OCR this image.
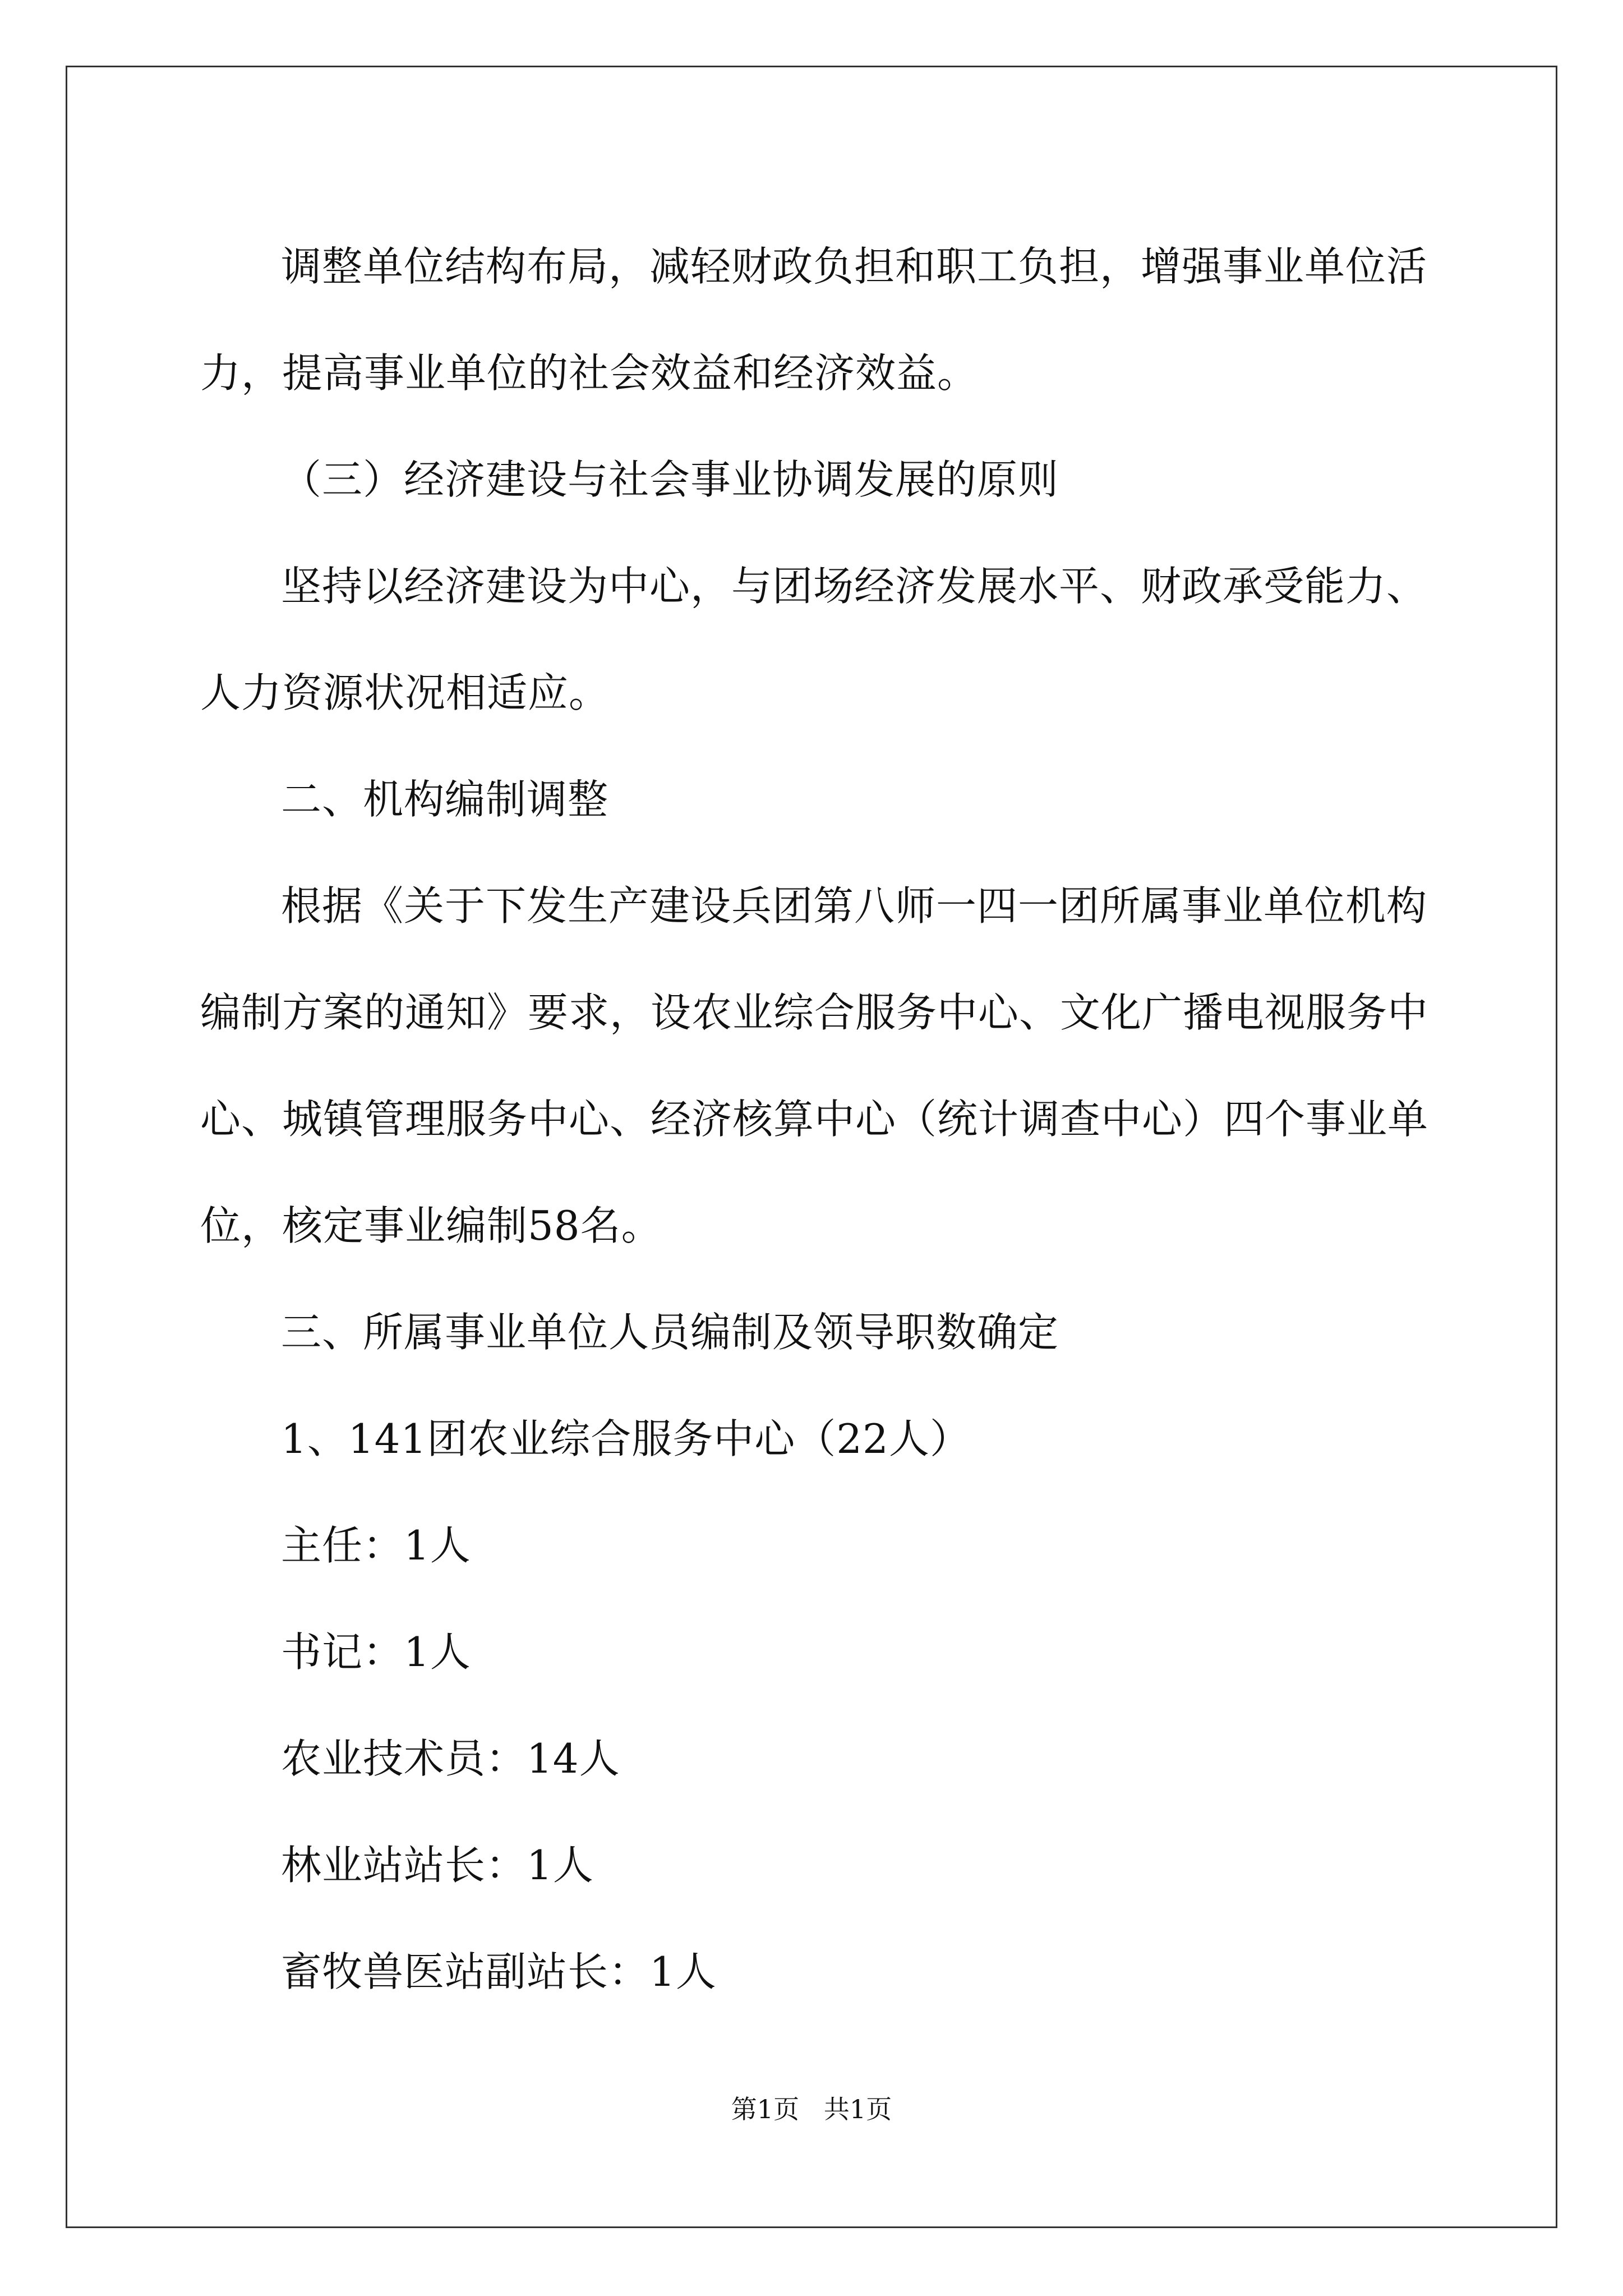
调整单位结构布局，减轻财政负担和职工负担，增强事业单位活

力，提高事业单位的社会效益和经济效益。

（三）经济建设与社会事业协调发展的原则

坚持以经济建设为中心，与团场经济发展水平、财政承受能力、

人力资源状况相适应。

二、机构编制调整

根据《关于下发生产建设兵团第八师一四一团所属事业单位机构

编制方案的通知》要求，设农业综合服务中心、文化广播电视服务中

心、城镇管理服务中心、经济核算中心（统计调查中心）四个事业单

位，核定事业编制58名。

三、所属事业单位人员编制及领导职数确定

1、141团农业综合服务中心（22人）

主任：1人

书记：1人

农业技术员：14人

林业站站长：1人

畜牧兽医站副站长：1人

第1页   共1页
